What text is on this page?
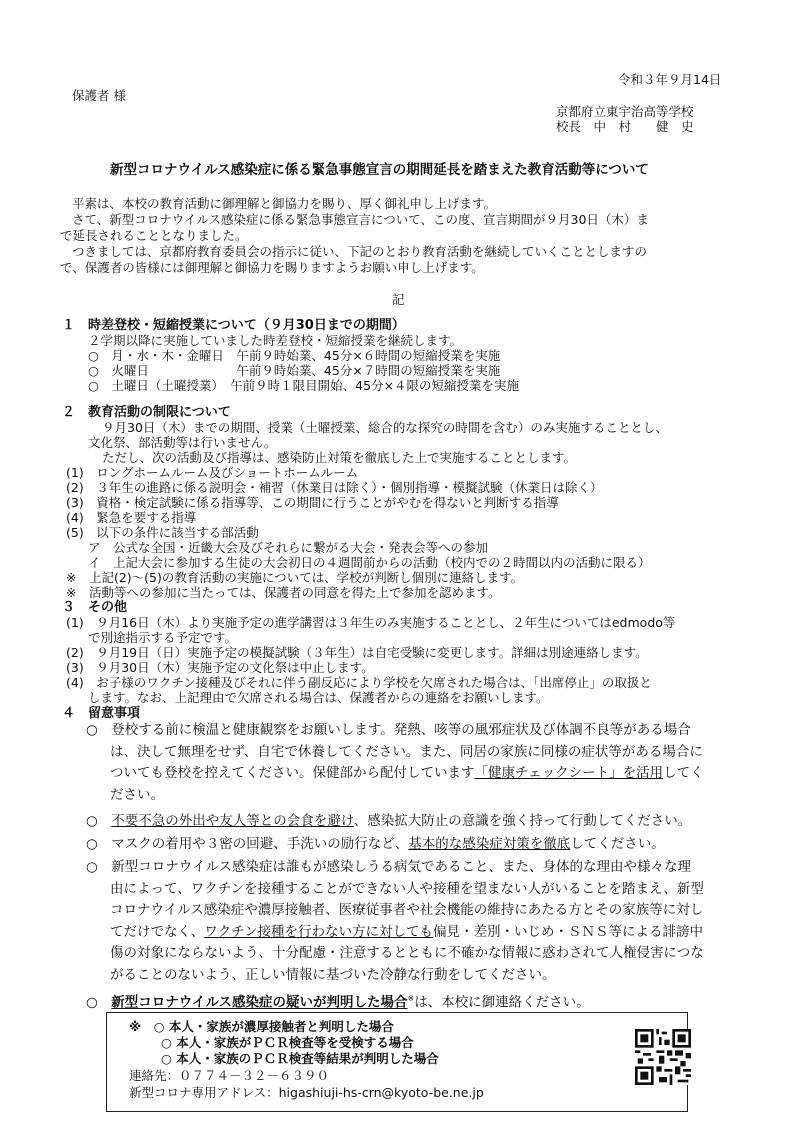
令和３年９月14日
保護者 様
京都府立東宇治高等学校
校長　中　村　　健　史
新型コロナウイルス感染症に係る緊急事態宣言の期間延長を踏まえた教育活動等について
平素は、本校の教育活動に御理解と御協力を賜り、厚く御礼申し上げます。
さて、新型コロナウイルス感染症に係る緊急事態宣言について、この度、宣言期間が９月30日（木）ま
で延長されることとなりました。
つきましては、京都府教育委員会の指示に従い、下記のとおり教育活動を継続していくこととしますの
で、保護者の皆様には御理解と御協力を賜りますようお願い申し上げます。
記
１　時差登校・短縮授業について（９月30日までの期間）
２学期以降に実施していました時差登校・短縮授業を継続します。
○　月・水・木・金曜日　午前９時始業、45分×６時間の短縮授業を実施
○　火曜日　　　　　　　午前９時始業、45分×７時間の短縮授業を実施
○　土曜日（土曜授業）　午前９時１限目開始、45分×４限の短縮授業を実施
２　教育活動の制限について
９月30日（木）までの期間、授業（土曜授業、総合的な探究の時間を含む）のみ実施することとし、
文化祭、部活動等は行いません。
ただし、次の活動及び指導は、感染防止対策を徹底した上で実施することとします。
(1)　ロングホームルーム及びショートホームルーム
(2)　３年生の進路に係る説明会・補習（休業日は除く）・個別指導・模擬試験（休業日は除く）
(3)　資格・検定試験に係る指導等、この期間に行うことがやむを得ないと判断する指導
(4)　緊急を要する指導
(5)　以下の条件に該当する部活動
ア　公式な全国・近畿大会及びそれらに繋がる大会・発表会等への参加
イ　上記大会に参加する生徒の大会初日の４週間前からの活動（校内での２時間以内の活動に限る）
※　上記(2)～(5)の教育活動の実施については、学校が判断し個別に連絡します。
※　活動等への参加に当たっては、保護者の同意を得た上で参加を認めます。
３　その他
(1)　９月16日（木）より実施予定の進学講習は３年生のみ実施することとし、２年生についてはedmodo等
で別途指示する予定です。
(2)　９月19日（日）実施予定の模擬試験（３年生）は自宅受験に変更します。詳細は別途連絡します。
(3)　９月30日（木）実施予定の文化祭は中止します。
(4)　お子様のワクチン接種及びそれに伴う副反応により学校を欠席された場合は、「出席停止」の取扱と
します。なお、上記理由で欠席される場合は、保護者からの連絡をお願いします。
４　留意事項
○　登校する前に検温と健康観察をお願いします。発熱、咳等の風邪症状及び体調不良等がある場合
は、決して無理をせず、自宅で休養してください。また、同居の家族に同様の症状等がある場合に
ついても登校を控えてください。保健部から配付しています「健康チェックシート」を活用してく
ださい。
○　不要不急の外出や友人等との会食を避け、感染拡大防止の意識を強く持って行動してください。
○　マスクの着用や３密の回避、手洗いの励行など、基本的な感染症対策を徹底してください。
○　新型コロナウイルス感染症は誰もが感染しうる病気であること、また、身体的な理由や様々な理
由によって、ワクチンを接種することができない人や接種を望まない人がいることを踏まえ、新型
コロナウイルス感染症や濃厚接触者、医療従事者や社会機能の維持にあたる方とその家族等に対し
てだけでなく、ワクチン接種を行わない方に対しても偏見・差別・いじめ・ＳＮＳ等による誹謗中
傷の対象にならないよう、十分配慮・注意するとともに不確かな情報に惑わされて人権侵害につな
がることのないよう、正しい情報に基づいた冷静な行動をしてください。
○　新型コロナウイルス感染症の疑いが判明した場合※は、本校に御連絡ください。
※　○ 本人・家族が濃厚接触者と判明した場合
○ 本人・家族がＰＣＲ検査等を受検する場合
○ 本人・家族のＰＣＲ検査等結果が判明した場合
連絡先：０７７４－３２－６３９０
新型コロナ専用アドレス：higashiuji-hs-crn@kyoto-be.ne.jp
